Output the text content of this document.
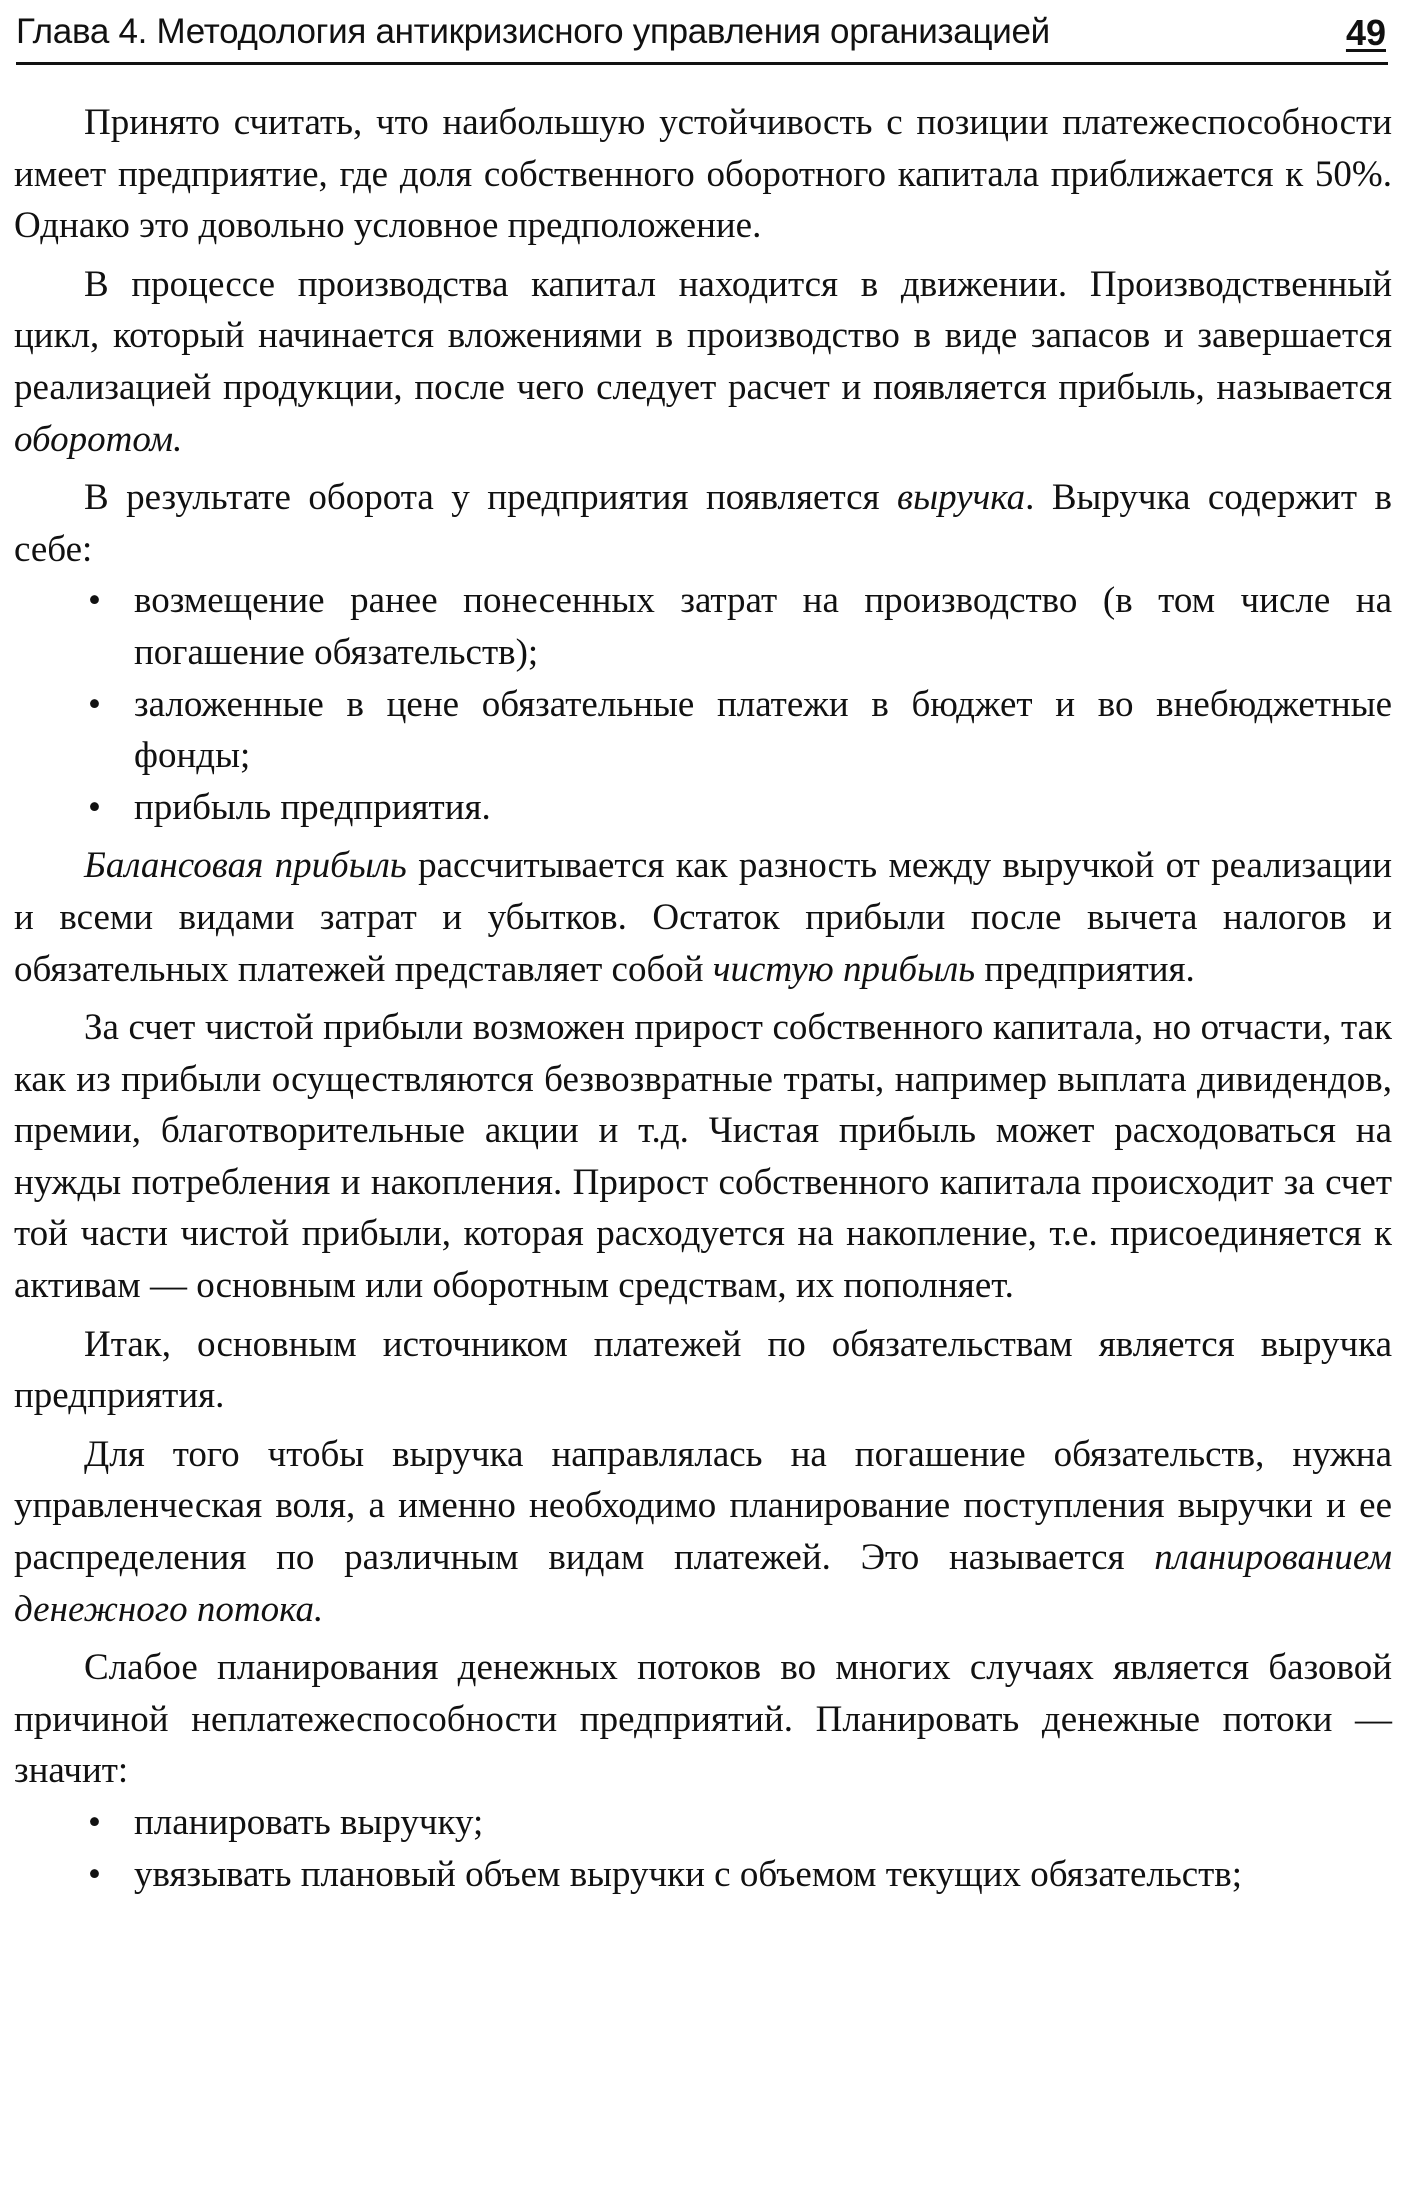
Глава 4. Методология антикризисного управления организацией	49

Принято считать, что наибольшую устойчивость с позиции платежеспособности имеет предприятие, где доля собственного оборотного капитала приближается к 50%. Однако это довольно условное предположение.

В процессе производства капитал находится в движении. Производственный цикл, который начинается вложениями в производство в виде запасов и завершается реализацией продукции, после чего следует расчет и появляется прибыль, называется оборотом.

В результате оборота у предприятия появляется выручка. Выручка содержит в себе:

• возмещение ранее понесенных затрат на производство (в том числе на погашение обязательств);
• заложенные в цене обязательные платежи в бюджет и во внебюджетные фонды;
• прибыль предприятия.

Балансовая прибыль рассчитывается как разность между выручкой от реализации и всеми видами затрат и убытков. Остаток прибыли после вычета налогов и обязательных платежей представляет собой чистую прибыль предприятия.

За счет чистой прибыли возможен прирост собственного капитала, но отчасти, так как из прибыли осуществляются безвозвратные траты, например выплата дивидендов, премии, благотворительные акции и т.д. Чистая прибыль может расходоваться на нужды потребления и накопления. Прирост собственного капитала происходит за счет той части чистой прибыли, которая расходуется на накопление, т.е. присоединяется к активам — основным или оборотным средствам, их пополняет.

Итак, основным источником платежей по обязательствам является выручка предприятия.

Для того чтобы выручка направлялась на погашение обязательств, нужна управленческая воля, а именно необходимо планирование поступления выручки и ее распределения по различным видам платежей. Это называется планированием денежного потока.

Слабое планирования денежных потоков во многих случаях является базовой причиной неплатежеспособности предприятий. Планировать денежные потоки — значит:

• планировать выручку;
• увязывать плановый объем выручки с объемом текущих обязательств;
